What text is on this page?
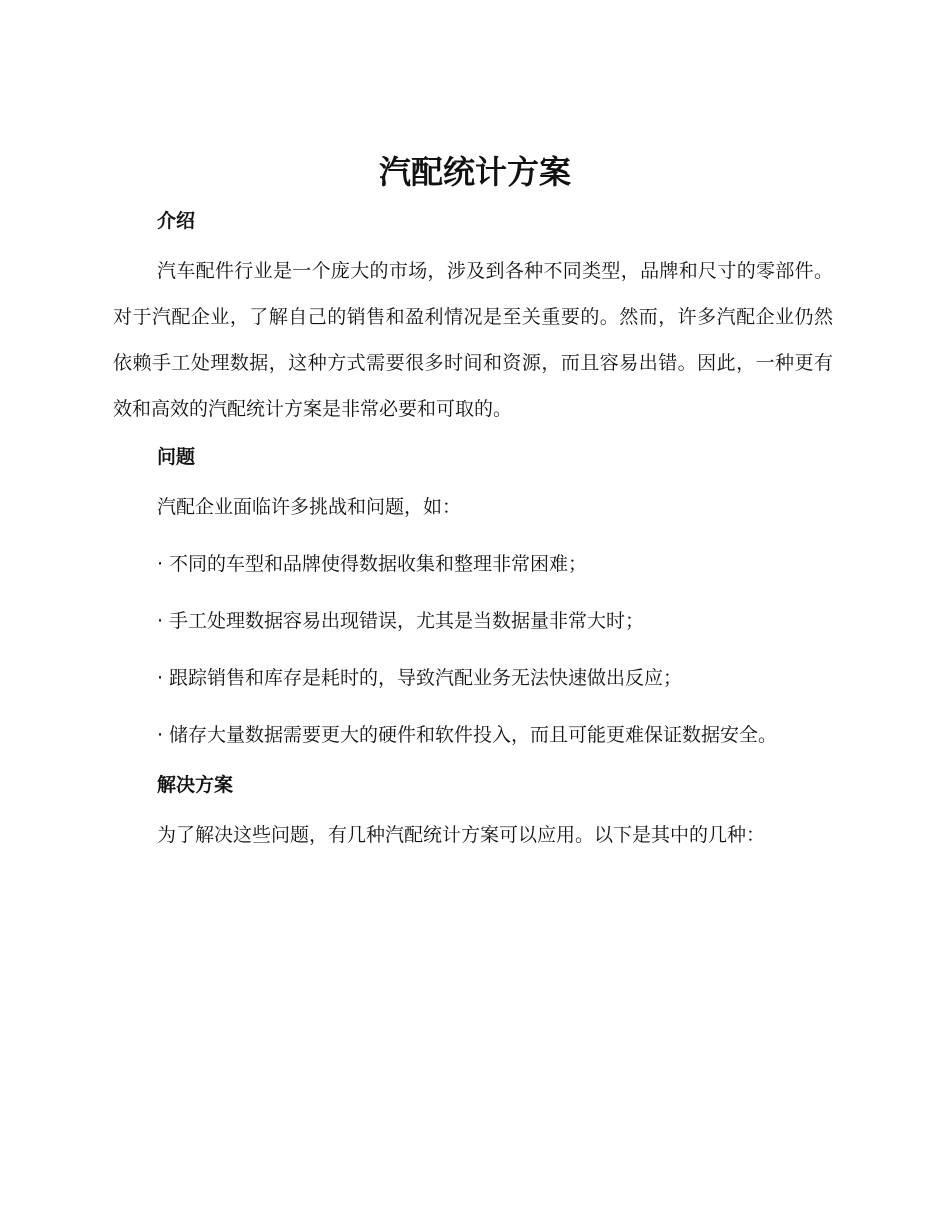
汽配统计方案
介绍

汽车配件行业是一个庞大的市场，涉及到各种不同类型，品牌和尺寸的零部件。对于汽配企业，了解自己的销售和盈利情况是至关重要的。然而，许多汽配企业仍然依赖手工处理数据，这种方式需要很多时间和资源，而且容易出错。因此，一种更有效和高效的汽配统计方案是非常必要和可取的。

问题

汽配企业面临许多挑战和问题，如：

· 不同的车型和品牌使得数据收集和整理非常困难；

· 手工处理数据容易出现错误，尤其是当数据量非常大时；

· 跟踪销售和库存是耗时的，导致汽配业务无法快速做出反应；

· 储存大量数据需要更大的硬件和软件投入，而且可能更难保证数据安全。

解决方案

为了解决这些问题，有几种汽配统计方案可以应用。以下是其中的几种：
